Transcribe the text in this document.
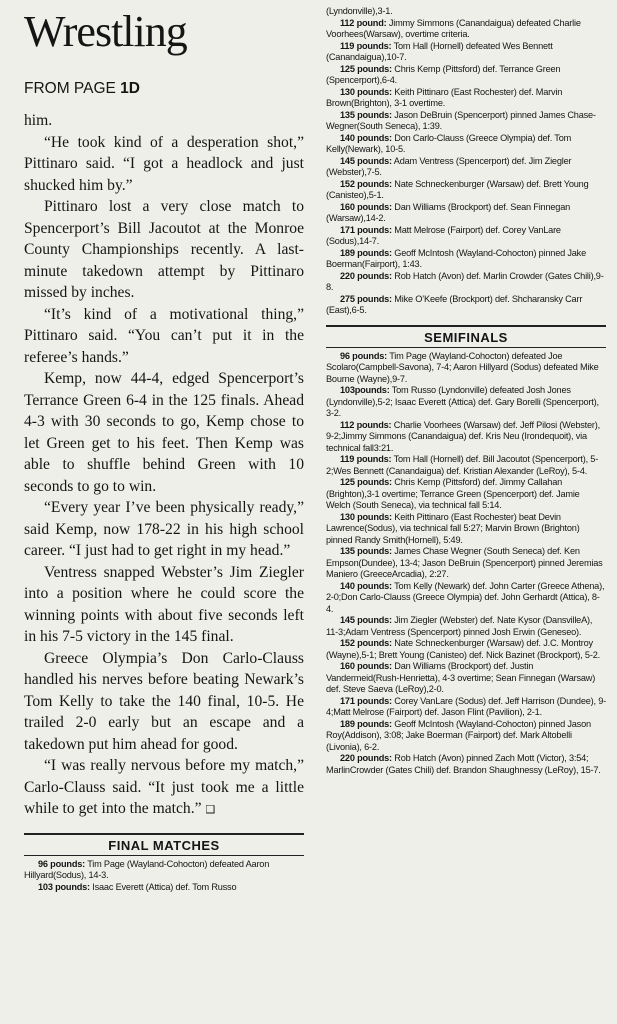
Wrestling
FROM PAGE 1D

him.

“He took kind of a desperation shot,” Pittinaro said. “I got a headlock and just shucked him by.”

Pittinaro lost a very close match to Spencerport’s Bill Jacoutot at the Monroe County Championships recently. A last-minute takedown attempt by Pittinaro missed by inches.

“It’s kind of a motivational thing,” Pittinaro said. “You can’t put it in the referee’s hands.”

Kemp, now 44-4, edged Spencerport’s Terrance Green 6-4 in the 125 finals. Ahead 4-3 with 30 seconds to go, Kemp chose to let Green get to his feet. Then Kemp was able to shuffle behind Green with 10 seconds to go to win.

“Every year I’ve been physically ready,” said Kemp, now 178-22 in his high school career. “I just had to get right in my head.”

Ventress snapped Webster’s Jim Ziegler into a position where he could score the winning points with about five seconds left in his 7-5 victory in the 145 final.

Greece Olympia’s Don Carlo-Clauss handled his nerves before beating Newark’s Tom Kelly to take the 140 final, 10-5. He trailed 2-0 early but an escape and a takedown put him ahead for good.

“I was really nervous before my match,” Carlo-Clauss said. “It just took me a little while to get into the match.” ❑

FINAL MATCHES

96 pounds: Tim Page (Wayland-Cohocton) defeated Aaron Hillyard(Sodus), 14-3.

103 pounds: Isaac Everett (Attica) def. Tom Russo

(Lyndonville),3-1.

112 pound: Jimmy Simmons (Canandaigua) defeated Charlie Voorhees(Warsaw), overtime criteria.

119 pounds: Tom Hall (Hornell) defeated Wes Bennett (Canandaigua),10-7.

125 pounds: Chris Kemp (Pittsford) def. Terrance Green (Spencerport),6-4.

130 pounds: Keith Pittinaro (East Rochester) def. Marvin Brown(Brighton), 3-1 overtime.

135 pounds: Jason DeBruin (Spencerport) pinned James Chase-Wegner(South Seneca), 1:39.

140 pounds: Don Carlo-Clauss (Greece Olympia) def. Tom Kelly(Newark), 10-5.

145 pounds: Adam Ventress (Spencerport) def. Jim Ziegler (Webster),7-5.

152 pounds: Nate Schneckenburger (Warsaw) def. Brett Young (Canisteo),5-1.

160 pounds: Dan Williams (Brockport) def. Sean Finnegan (Warsaw),14-2.

171 pounds: Matt Melrose (Fairport) def. Corey VanLare (Sodus),14-7.

189 pounds: Geoff McIntosh (Wayland-Cohocton) pinned Jake Boerman(Fairport), 1:43.

220 pounds: Rob Hatch (Avon) def. Marlin Crowder (Gates Chili),9-8.

275 pounds: Mike O’Keefe (Brockport) def. Shcharansky Carr (East),6-5.

SEMIFINALS

96 pounds: Tim Page (Wayland-Cohocton) defeated Joe Scolaro(Campbell-Savona), 7-4; Aaron Hillyard (Sodus) defeated Mike Bourne (Wayne),9-7.

103pounds: Tom Russo (Lyndonville) defeated Josh Jones (Lyndonville),5-2; Isaac Everett (Attica) def. Gary Borelli (Spencerport), 3-2.

112 pounds: Charlie Voorhees (Warsaw) def. Jeff Pilosi (Webster), 9-2;Jimmy Simmons (Canandaigua) def. Kris Neu (Irondequoit), via technical fall3:21.

119 pounds: Tom Hall (Hornell) def. Bill Jacoutot (Spencerport), 5-2;Wes Bennett (Canandaigua) def. Kristian Alexander (LeRoy), 5-4.

125 pounds: Chris Kemp (Pittsford) def. Jimmy Callahan (Brighton),3-1 overtime; Terrance Green (Spencerport) def. Jamie Welch (South Seneca), via technical fall 5:14.

130 pounds: Keith Pittinaro (East Rochester) beat Devin Lawrence(Sodus), via technical fall 5:27; Marvin Brown (Brighton) pinned Randy Smith(Hornell), 5:49.

135 pounds: James Chase Wegner (South Seneca) def. Ken Empson(Dundee), 13-4; Jason DeBruin (Spencerport) pinned Jeremias Maniero (GreeceArcadia), 2:27.

140 pounds: Tom Kelly (Newark) def. John Carter (Greece Athena), 2-0;Don Carlo-Clauss (Greece Olympia) def. John Gerhardt (Attica), 8-4.

145 pounds: Jim Ziegler (Webster) def. Nate Kysor (DansvilleA), 11-3;Adam Ventress (Spencerport) pinned Josh Erwin (Geneseo).

152 pounds: Nate Schneckenburger (Warsaw) def. J.C. Montroy (Wayne),5-1; Brett Young (Canisteo) def. Nick Bazinet (Brockport), 5-2.

160 pounds: Dan Williams (Brockport) def. Justin Vandermeid(Rush-Henrietta), 4-3 overtime; Sean Finnegan (Warsaw) def. Steve Saeva (LeRoy),2-0.

171 pounds: Corey VanLare (Sodus) def. Jeff Harrison (Dundee), 9-4;Matt Melrose (Fairport) def. Jason Flint (Pavilion), 2-1.

189 pounds: Geoff McIntosh (Wayland-Cohocton) pinned Jason Roy(Addison), 3:08; Jake Boerman (Fairport) def. Mark Altobelli (Livonia), 6-2.

220 pounds: Rob Hatch (Avon) pinned Zach Mott (Victor), 3:54; MarlinCrowder (Gates Chili) def. Brandon Shaughnessy (LeRoy), 15-7.
